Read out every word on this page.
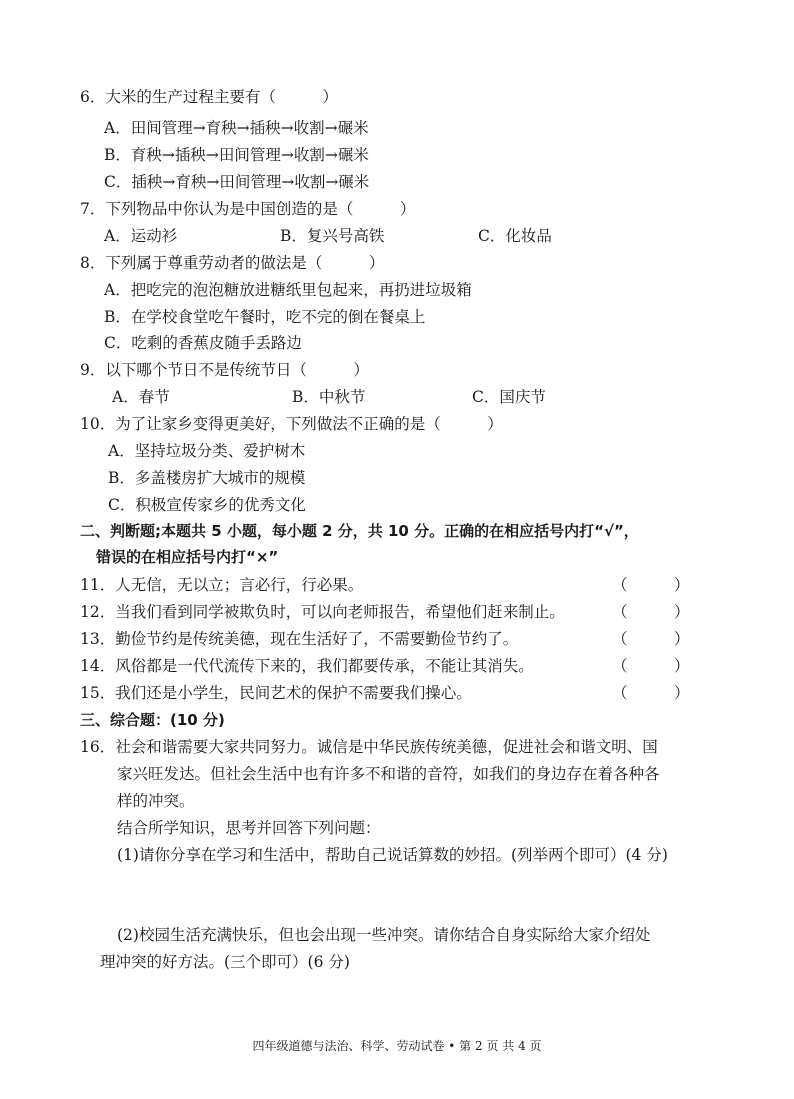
6．大米的生产过程主要有（　　　）
A．田间管理→育秧→插秧→收割→碾米
B．育秧→插秧→田间管理→收割→碾米
C．插秧→育秧→田间管理→收割→碾米
7．下列物品中你认为是中国创造的是（　　　）
A．运动衫	B．复兴号高铁	C．化妆品
8．下列属于尊重劳动者的做法是（　　　）
A．把吃完的泡泡糖放进糖纸里包起来，再扔进垃圾箱
B．在学校食堂吃午餐时，吃不完的倒在餐桌上
C．吃剩的香蕉皮随手丢路边
9．以下哪个节日不是传统节日（　　　）
A．春节	B．中秋节	C．国庆节
10．为了让家乡变得更美好，下列做法不正确的是（　　　）
A．坚持垃圾分类、爱护树木
B．多盖楼房扩大城市的规模
C．积极宣传家乡的优秀文化
二、判断题;本题共 5 小题，每小题 2 分，共 10 分。正确的在相应括号内打“√”，
错误的在相应括号内打“×”
11．人无信，无以立；言必行，行必果。	（　　　）
12．当我们看到同学被欺负时，可以向老师报告，希望他们赶来制止。	（　　　）
13．勤俭节约是传统美德，现在生活好了，不需要勤俭节约了。	（　　　）
14．风俗都是一代代流传下来的，我们都要传承，不能让其消失。	（　　　）
15．我们还是小学生，民间艺术的保护不需要我们操心。	（　　　）
三、综合题：(10 分)
16．社会和谐需要大家共同努力。诚信是中华民族传统美德，促进社会和谐文明、国
家兴旺发达。但社会生活中也有许多不和谐的音符，如我们的身边存在着各种各
样的冲突。
结合所学知识，思考并回答下列问题：
(1)请你分享在学习和生活中，帮助自己说话算数的妙招。(列举两个即可）(4 分)
(2)校园生活充满快乐，但也会出现一些冲突。请你结合自身实际给大家介绍处
理冲突的好方法。(三个即可）(6 分)
四年级道德与法治、科学、劳动试卷 • 第 2 页 共 4 页
